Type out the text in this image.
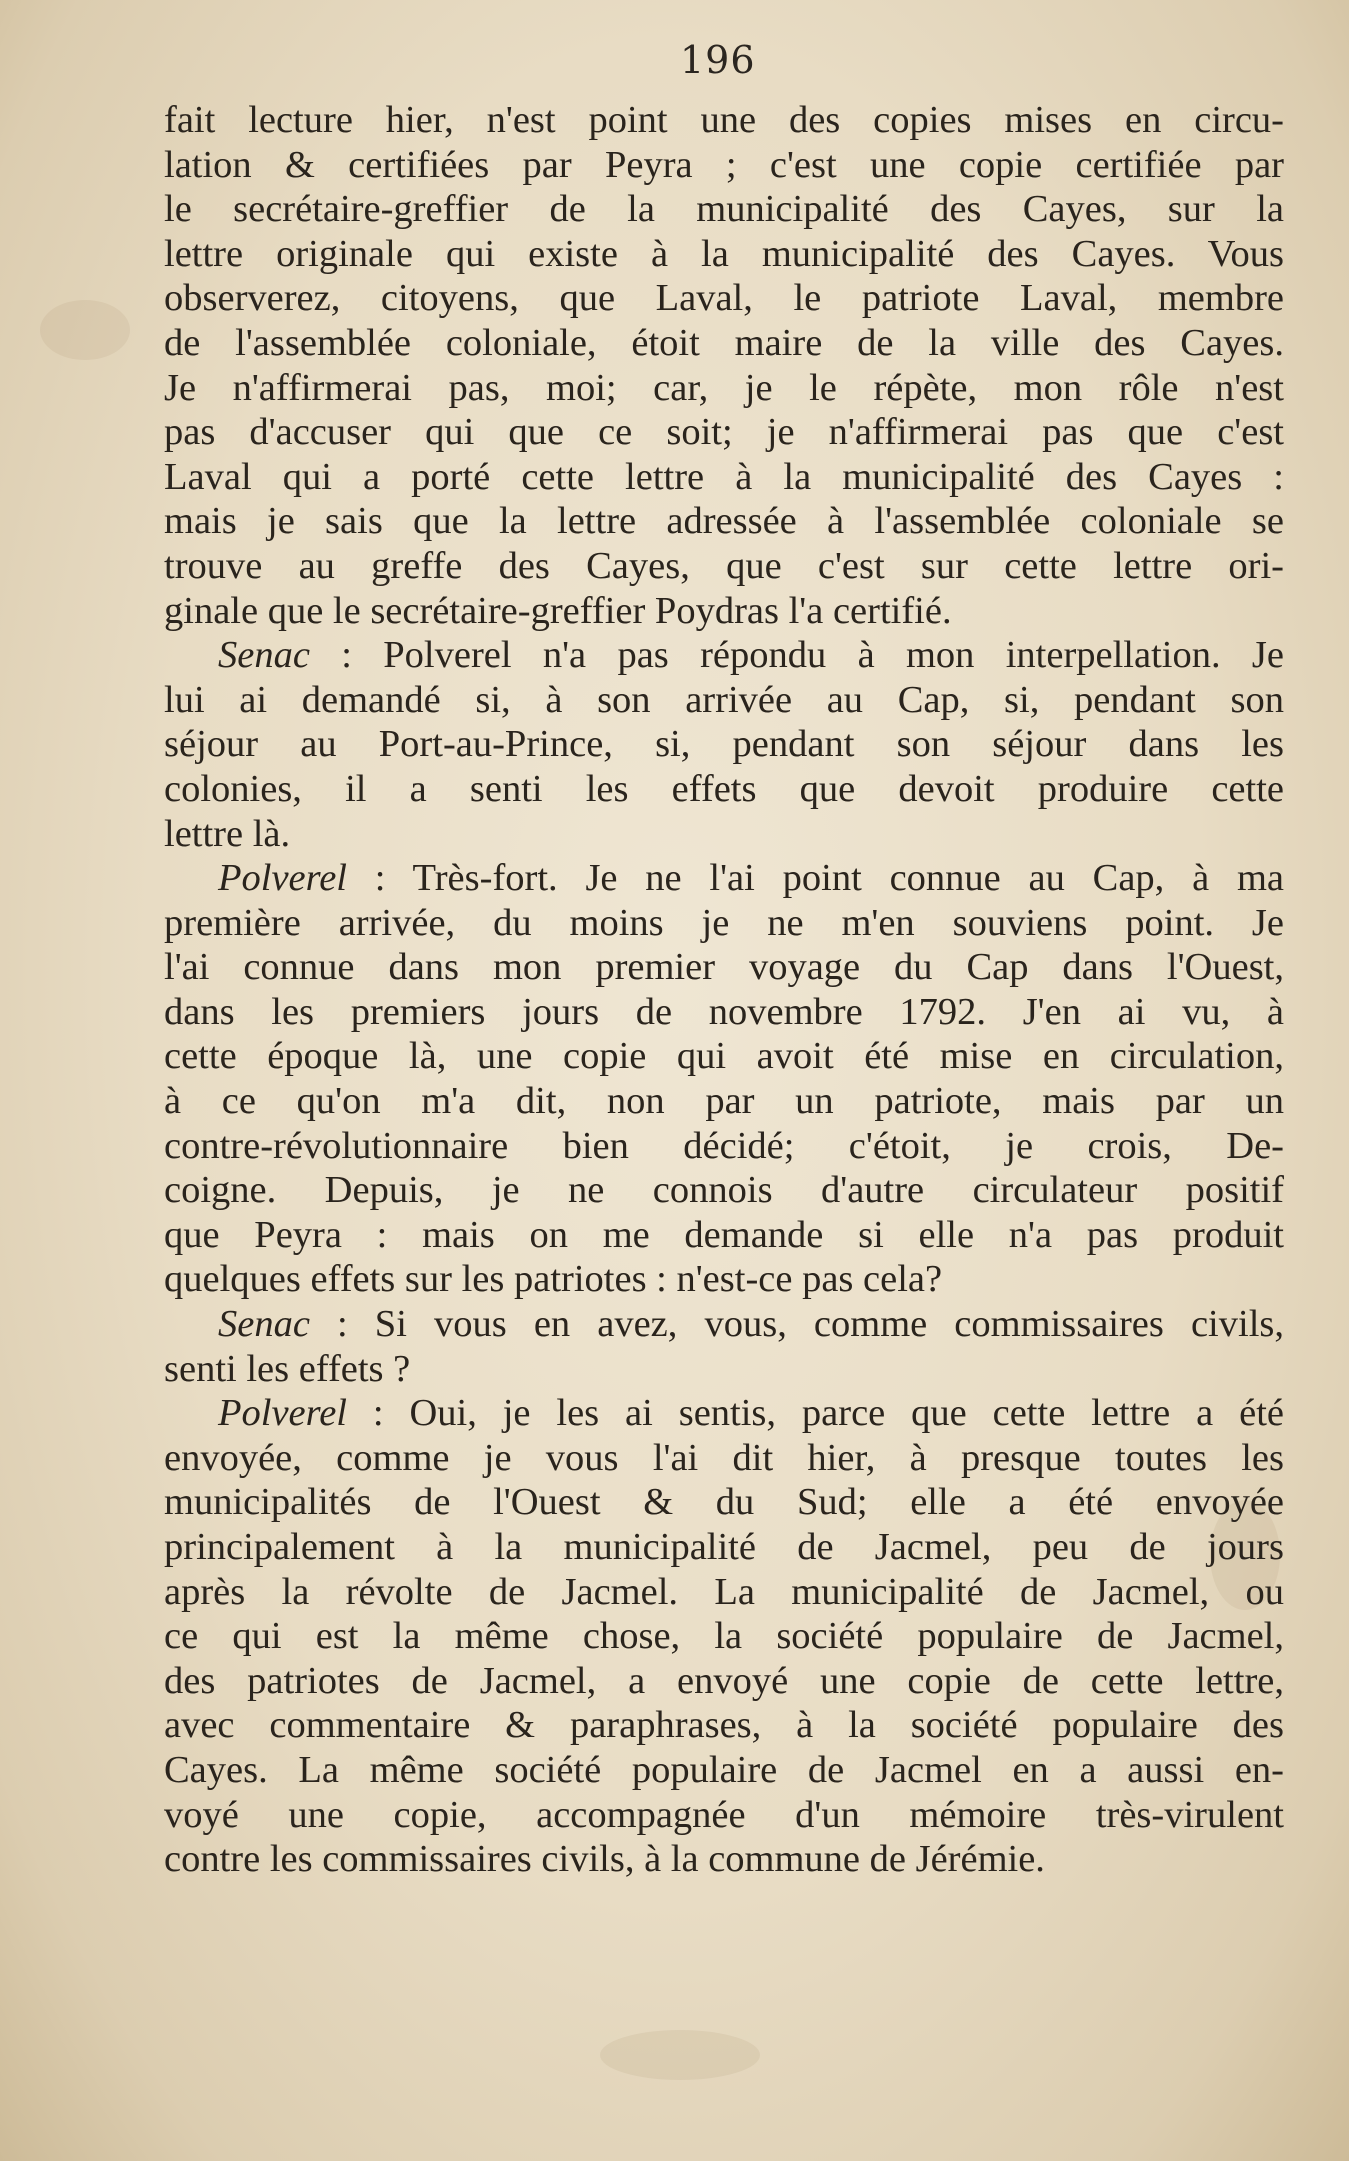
196
fait lecture hier, n'est point une des copies mises en circu-
lation & certifiées par Peyra ; c'est une copie certifiée par
le secrétaire-greffier de la municipalité des Cayes, sur la
lettre originale qui existe à la municipalité des Cayes. Vous
observerez, citoyens, que Laval, le patriote Laval, membre
de l'assemblée coloniale, étoit maire de la ville des Cayes.
Je n'affirmerai pas, moi; car, je le répète, mon rôle n'est
pas d'accuser qui que ce soit; je n'affirmerai pas que c'est
Laval qui a porté cette lettre à la municipalité des Cayes :
mais je sais que la lettre adressée à l'assemblée coloniale se
trouve au greffe des Cayes, que c'est sur cette lettre ori-
ginale que le secrétaire-greffier Poydras l'a certifié.
Senac : Polverel n'a pas répondu à mon interpellation. Je
lui ai demandé si, à son arrivée au Cap, si, pendant son
séjour au Port-au-Prince, si, pendant son séjour dans les
colonies, il a senti les effets que devoit produire cette
lettre là.
Polverel : Très-fort. Je ne l'ai point connue au Cap, à ma
première arrivée, du moins je ne m'en souviens point. Je
l'ai connue dans mon premier voyage du Cap dans l'Ouest,
dans les premiers jours de novembre 1792. J'en ai vu, à
cette époque là, une copie qui avoit été mise en circulation,
à ce qu'on m'a dit, non par un patriote, mais par un
contre-révolutionnaire bien décidé; c'étoit, je crois, De-
coigne. Depuis, je ne connois d'autre circulateur positif
que Peyra : mais on me demande si elle n'a pas produit
quelques effets sur les patriotes : n'est-ce pas cela?
Senac : Si vous en avez, vous, comme commissaires civils,
senti les effets ?
Polverel : Oui, je les ai sentis, parce que cette lettre a été
envoyée, comme je vous l'ai dit hier, à presque toutes les
municipalités de l'Ouest & du Sud; elle a été envoyée
principalement à la municipalité de Jacmel, peu de jours
après la révolte de Jacmel. La municipalité de Jacmel, ou
ce qui est la même chose, la société populaire de Jacmel,
des patriotes de Jacmel, a envoyé une copie de cette lettre,
avec commentaire & paraphrases, à la société populaire des
Cayes. La même société populaire de Jacmel en a aussi en-
voyé une copie, accompagnée d'un mémoire très-virulent
contre les commissaires civils, à la commune de Jérémie.
